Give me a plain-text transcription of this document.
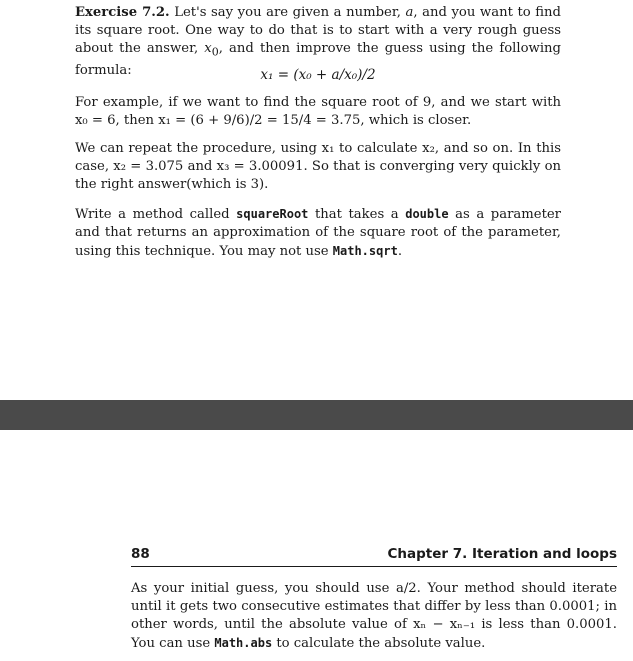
Exercise 7.2. Let's say you are given a number, a, and you want to find its square root. One way to do that is to start with a very rough guess about the answer, $x_0$, and then improve the guess using the following formula:	x₁ = (x₀ + a/x₀)/2
For example, if we want to find the square root of 9, and we start with x₀ = 6, then x₁ = (6 + 9/6)/2 = 15/4 = 3.75, which is closer.
We can repeat the procedure, using x₁ to calculate x₂, and so on. In this case, x₂ = 3.075 and x₃ = 3.00091. So that is converging very quickly on the right answer(which is 3).
Write a method called squareRoot that takes a double as a parameter and that returns an approximation of the square root of the parameter, using this technique. You may not use Math.sqrt.
88	Chapter 7. Iteration and loops
As your initial guess, you should use a/2. Your method should iterate until it gets two consecutive estimates that differ by less than 0.0001; in other words, until the absolute value of xₙ − xₙ₋₁ is less than 0.0001. You can use Math.abs to calculate the absolute value.
